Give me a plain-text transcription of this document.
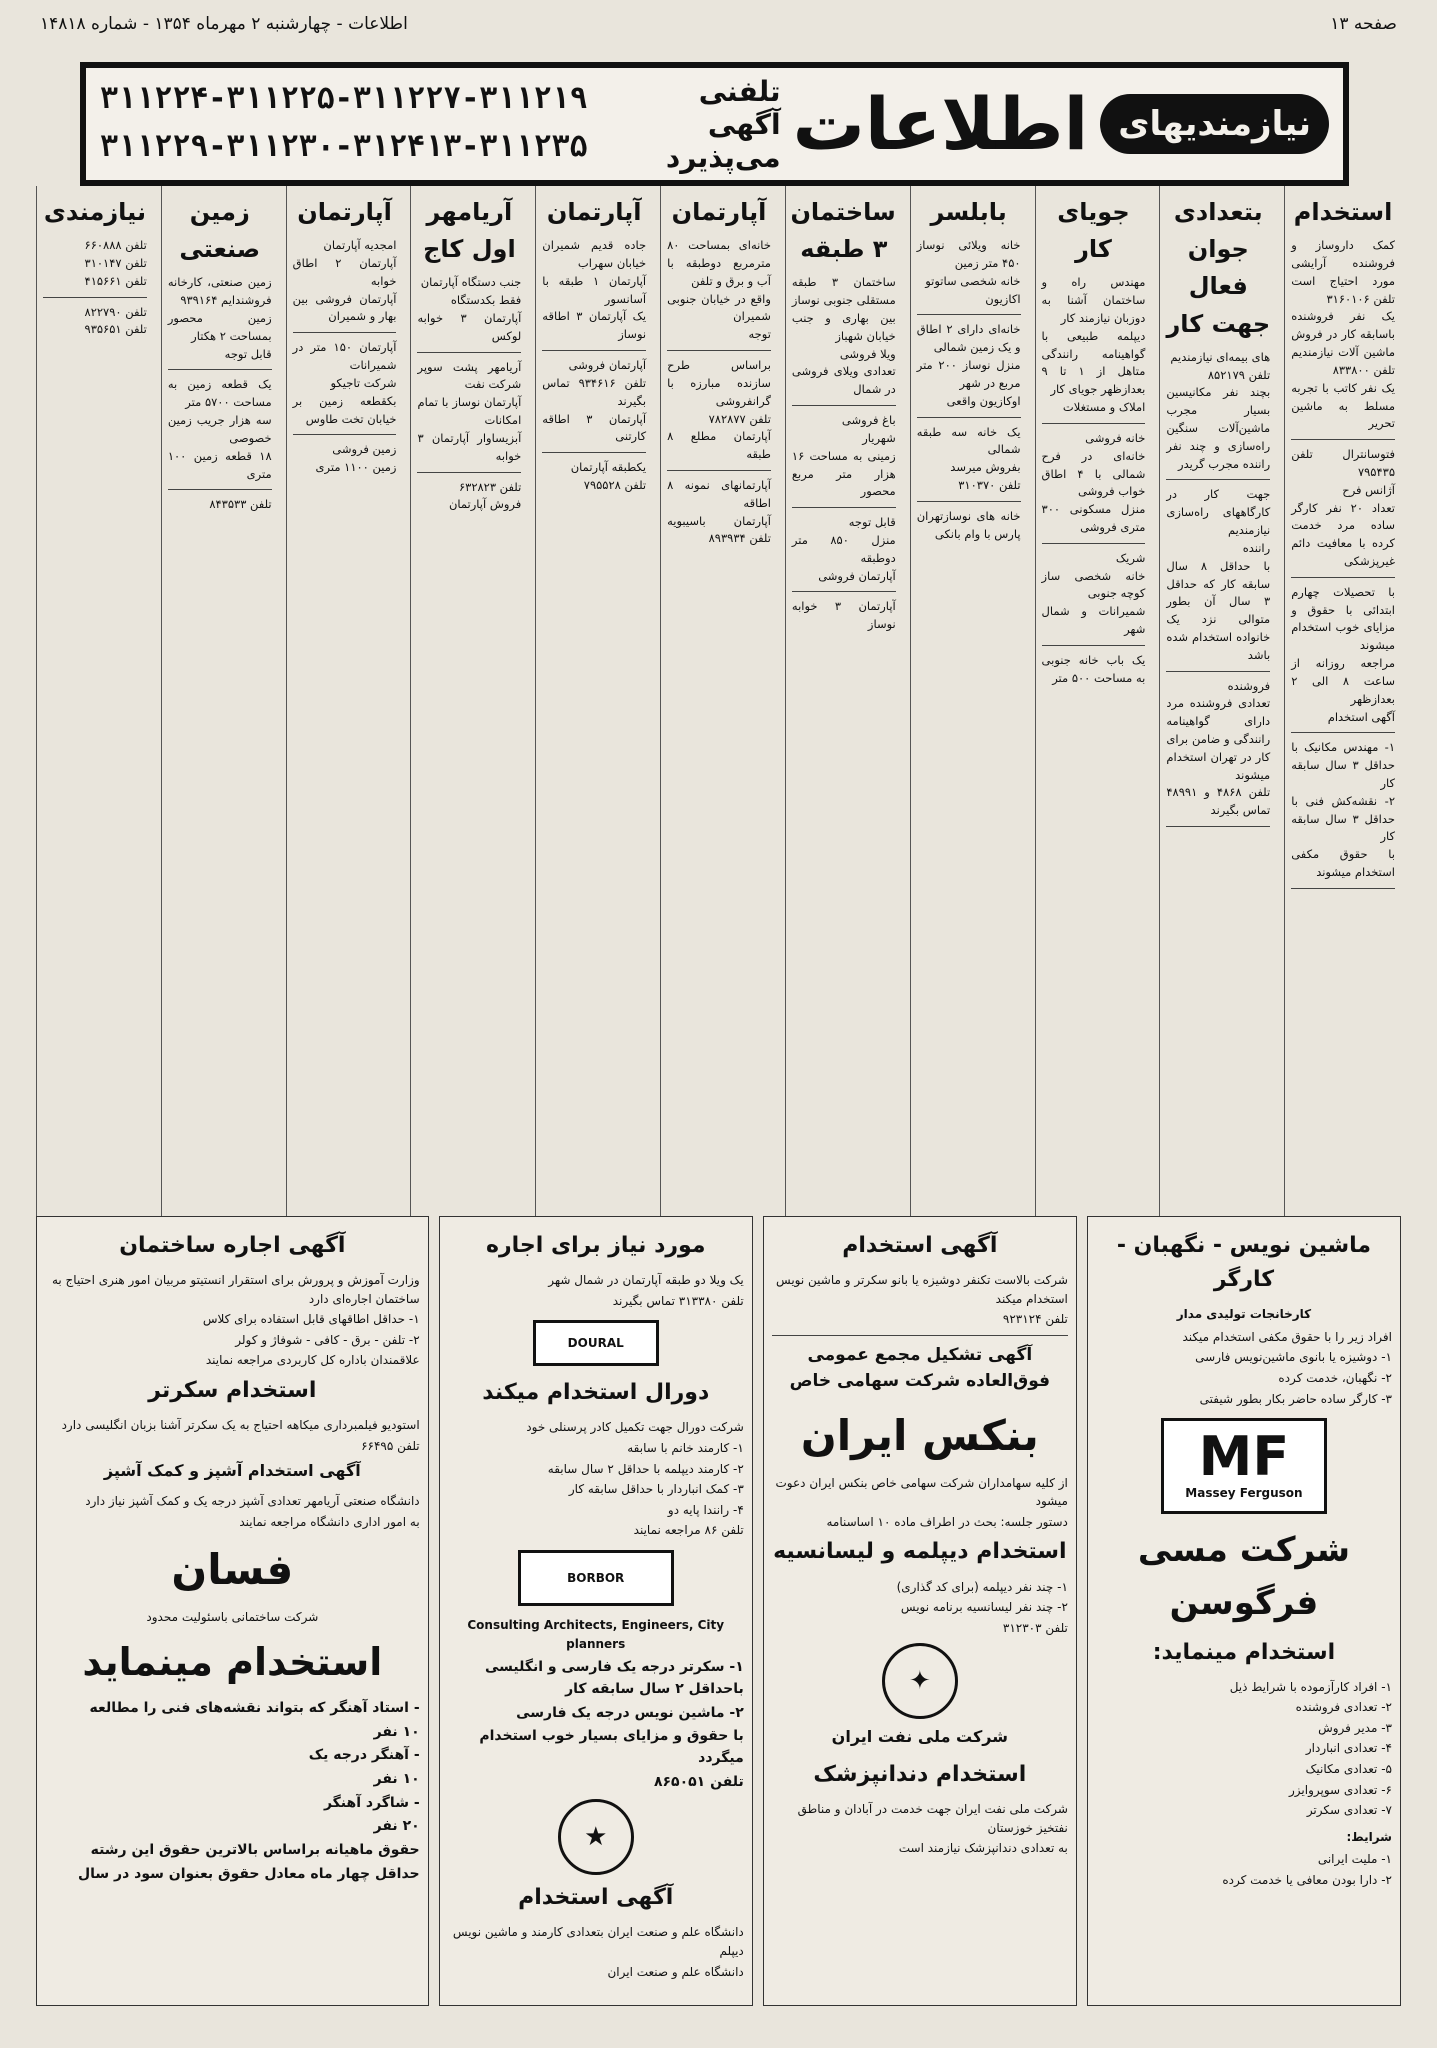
صفحه ۱۳
اطلاعات - چهارشنبه ۲ مهرماه ۱۳۵۴ - شماره ۱۴۸۱۸
نیازمندیهای
اطلاعات
تلفنی آگهی می‌پذیرد
۳۱۱۲۲۴-۳۱۱۲۲۵-۳۱۱۲۲۷-۳۱۱۲۱۹
۳۱۱۲۲۹-۳۱۱۲۳۰-۳۱۲۴۱۳-۳۱۱۲۳۵
استخدام
کمک داروساز و فروشنده آرایشی مورد احتیاج است تلفن ۳۱۶۰۱۰۶
یک نفر فروشنده باسابقه کار در فروش ماشین آلات نیازمندیم تلفن ۸۳۳۸۰۰
یک نفر کاتب با تجربه مسلط به ماشین تحریر
فتوسانترال تلفن ۷۹۵۴۳۵
آژانس فرح
تعداد ۲۰ نفر کارگر ساده مرد خدمت کرده با معافیت دائم غیرپزشکی
با تحصیلات چهارم ابتدائی با حقوق و مزایای خوب استخدام میشوند
مراجعه روزانه از ساعت ۸ الی ۲ بعدازظهر
آگهی استخدام
۱- مهندس مکانیک با حداقل ۳ سال سابقه کار
۲- نقشه‌کش فنی با حداقل ۳ سال سابقه کار
با حقوق مکفی استخدام میشوند
بتعدادی جوان فعال جهت کار
های بیمه‌ای نیازمندیم
تلفن ۸۵۲۱۷۹
بچند نفر مکانیسین بسیار مجرب ماشین‌آلات سنگین راه‌سازی و چند نفر راننده مجرب گریدر
جهت کار در کارگاههای راه‌سازی نیازمندیم
راننده
با حداقل ۸ سال سابقه کار که حداقل ۳ سال آن بطور متوالی نزد یک خانواده استخدام شده باشد
فروشنده
تعدادی فروشنده مرد دارای گواهینامه رانندگی و ضامن برای کار در تهران استخدام میشوند
تلفن ۴۸۶۸ و ۴۸۹۹۱ تماس بگیرند
جویای کار
مهندس راه و ساختمان آشنا به دوزبان نیازمند کار
دیپلمه طبیعی با گواهینامه رانندگی متاهل از ۱ تا ۹ بعدازظهر جویای کار
املاک و مستغلات
خانه فروشی
خانه‌ای در فرح شمالی با ۴ اطاق خواب فروشی
منزل مسکونی ۳۰۰ متری فروشی
شریک
خانه شخصی ساز کوچه جنوبی
شمیرانات و شمال شهر
یک باب خانه جنوبی به مساحت ۵۰۰ متر
بابلسر
خانه ویلائی نوساز ۴۵۰ متر زمین
خانه شخصی ساتوتو
اکازیون
خانه‌ای دارای ۲ اطاق و یک زمین شمالی
منزل نوساز ۲۰۰ متر مربع در شهر
اوکازیون واقعی
یک خانه سه طبقه شمالی
بفروش میرسد
تلفن ۳۱۰۳۷۰
خانه های نوسازتهران پارس با وام بانکی
ساختمان ۳ طبقه
ساختمان ۳ طبقه مستقلی جنوبی نوساز بین بهاری و جنب خیابان شهباز
ویلا فروشی
تعدادی ویلای فروشی در شمال
باغ فروشی
شهریار
زمینی به مساحت ۱۶ هزار متر مربع محصور
قابل توجه
منزل ۸۵۰ متر دوطبقه
آپارتمان فروشی
آپارتمان ۳ خوابه نوساز
آپارتمان
خانه‌ای بمساحت ۸۰ مترمربع دوطبقه با آب و برق و تلفن
واقع در خیابان جنوبی شمیران
توجه
براساس طرح سازنده مبارزه با گرانفروشی
تلفن ۷۸۲۸۷۷
آپارتمان مطلع ۸ طبقه
آپارتمانهای نمونه ۸ اطاقه
آپارتمان باسیبویه تلفن ۸۹۳۹۳۴
آپارتمان
جاده قدیم شمیران خیابان سهراب
آپارتمان ۱ طبقه با آسانسور
یک آپارتمان ۳ اطاقه نوساز
آپارتمان فروشی
تلفن ۹۳۴۶۱۶ تماس بگیرند
آپارتمان ۳ اطاقه کارتنی
یکطبقه آپارتمان
تلفن ۷۹۵۵۲۸
آریامهر اول کاج
جنب دستگاه آپارتمان
فقط بکدستگاه
آپارتمان ۳ خوابه لوکس
آریامهر پشت سوپر شرکت نفت
آپارتمان نوساز با تمام امکانات
آبزیساوار آپارتمان ۳ خوابه
تلفن ۶۳۲۸۲۳
فروش آپارتمان
آپارتمان
امجدیه آپارتمان
آپارتمان ۲ اطاق خوابه
آپارتمان فروشی بین بهار و شمیران
آپارتمان ۱۵۰ متر در شمیرانات
شرکت تاجیکو
بکقطعه زمین بر خیابان تخت طاوس
زمین فروشی
زمین ۱۱۰۰ متری
زمین صنعتی
زمین صنعتی، کارخانه فروشندایم ۹۳۹۱۶۴
زمین محصور بمساحت ۲ هکتار
قابل توجه
یک قطعه زمین به مساحت ۵۷۰۰ متر
سه هزار جریب زمین خصوصی
۱۸ قطعه زمین ۱۰۰ متری
تلفن ۸۴۳۵۳۳
نیازمندی
تلفن ۶۶۰۸۸۸
تلفن ۳۱۰۱۴۷
تلفن ۴۱۵۶۶۱
تلفن ۸۲۲۷۹۰
تلفن ۹۳۵۶۵۱
ماشین نویس - نگهبان - کارگر
کارخانجات تولیدی مدار
افراد زیر را با حقوق مکفی استخدام میکند
۱- دوشیزه یا بانوی ماشین‌نویس فارسی
۲- نگهبان، خدمت کرده
۳- کارگر ساده حاضر بکار بطور شیفتی
MF
Massey Ferguson
شرکت مسی فرگوسن
استخدام مینماید:
۱- افراد کارآزموده با شرایط ذیل
۲- تعدادی فروشنده
۳- مدیر فروش
۴- تعدادی انباردار
۵- تعدادی مکانیک
۶- تعدادی سوپروایزر
۷- تعدادی سکرتر
شرایط:
۱- ملیت ایرانی
۲- دارا بودن معافی یا خدمت کرده
آگهی استخدام
شرکت بالاست تکنفر دوشیزه یا بانو سکرتر و ماشین نویس استخدام میکند
تلفن ۹۲۳۱۲۴
آگهی تشکیل مجمع عمومی فوق‌العاده شرکت سهامی خاص
بنکس ایران
از کلیه سهامداران شرکت سهامی خاص بنکس ایران دعوت میشود
دستور جلسه: بحث در اطراف ماده ۱۰ اساسنامه
استخدام دیپلمه و لیسانسیه
۱- چند نفر دیپلمه (برای کد گذاری)
۲- چند نفر لیسانسیه برنامه نویس
تلفن ۳۱۲۳۰۳
✦
شرکت ملی نفت ایران
استخدام دندانپزشک
شرکت ملی نفت ایران جهت خدمت در آبادان و مناطق نفتخیز خوزستان
به تعدادی دندانپزشک نیازمند است
مورد نیاز برای اجاره
یک ویلا دو طبقه آپارتمان در شمال شهر
تلفن ۳۱۳۳۸۰ تماس بگیرند
DOURAL
دورال استخدام میکند
شرکت دورال جهت تکمیل کادر پرسنلی خود
۱- کارمند خانم با سابقه
۲- کارمند دیپلمه با حداقل ۲ سال سابقه
۳- کمک انباردار با حداقل سابقه کار
۴- رانندا پایه دو
تلفن ۸۶ مراجعه نمایند
BORBOR
Consulting Architects, Engineers, City planners
۱- سکرتر درجه یک فارسی و انگلیسی باحداقل ۲ سال سابقه کار
۲- ماشین نویس درجه یک فارسی
با حقوق و مزایای بسیار خوب استخدام میگردد
تلفن ۸۶۵۰۵۱
★
آگهی استخدام
دانشگاه علم و صنعت ایران بتعدادی کارمند و ماشین نویس دیپلم
دانشگاه علم و صنعت ایران
آگهی اجاره ساختمان
وزارت آموزش و پرورش برای استقرار انستیتو مربیان امور هنری احتیاج به ساختمان اجاره‌ای دارد
۱- حداقل اطاقهای قابل استفاده برای کلاس
۲- تلفن - برق - کافی - شوفاژ و کولر
علاقمندان باداره کل کاربردی مراجعه نمایند
استخدام سکرتر
استودیو فیلمبرداری میکاهه احتیاج به یک سکرتر آشنا بزبان انگلیسی دارد
تلفن ۶۶۴۹۵
آگهی استخدام آشپز و کمک آشپز
دانشگاه صنعتی آریامهر تعدادی آشپز درجه یک و کمک آشپز نیاز دارد
به امور اداری دانشگاه مراجعه نمایند
فسان
شرکت ساختمانی باسئولیت محدود
استخدام مینماید
- استاد آهنگر که بتواند نقشه‌های فنی را مطالعه
۱۰ نفر
- آهنگر درجه یک
۱۰ نفر
- شاگرد آهنگر
۲۰ نفر
حقوق ماهیانه براساس بالاترین حقوق این رشته
حداقل چهار ماه معادل حقوق بعنوان سود در سال
